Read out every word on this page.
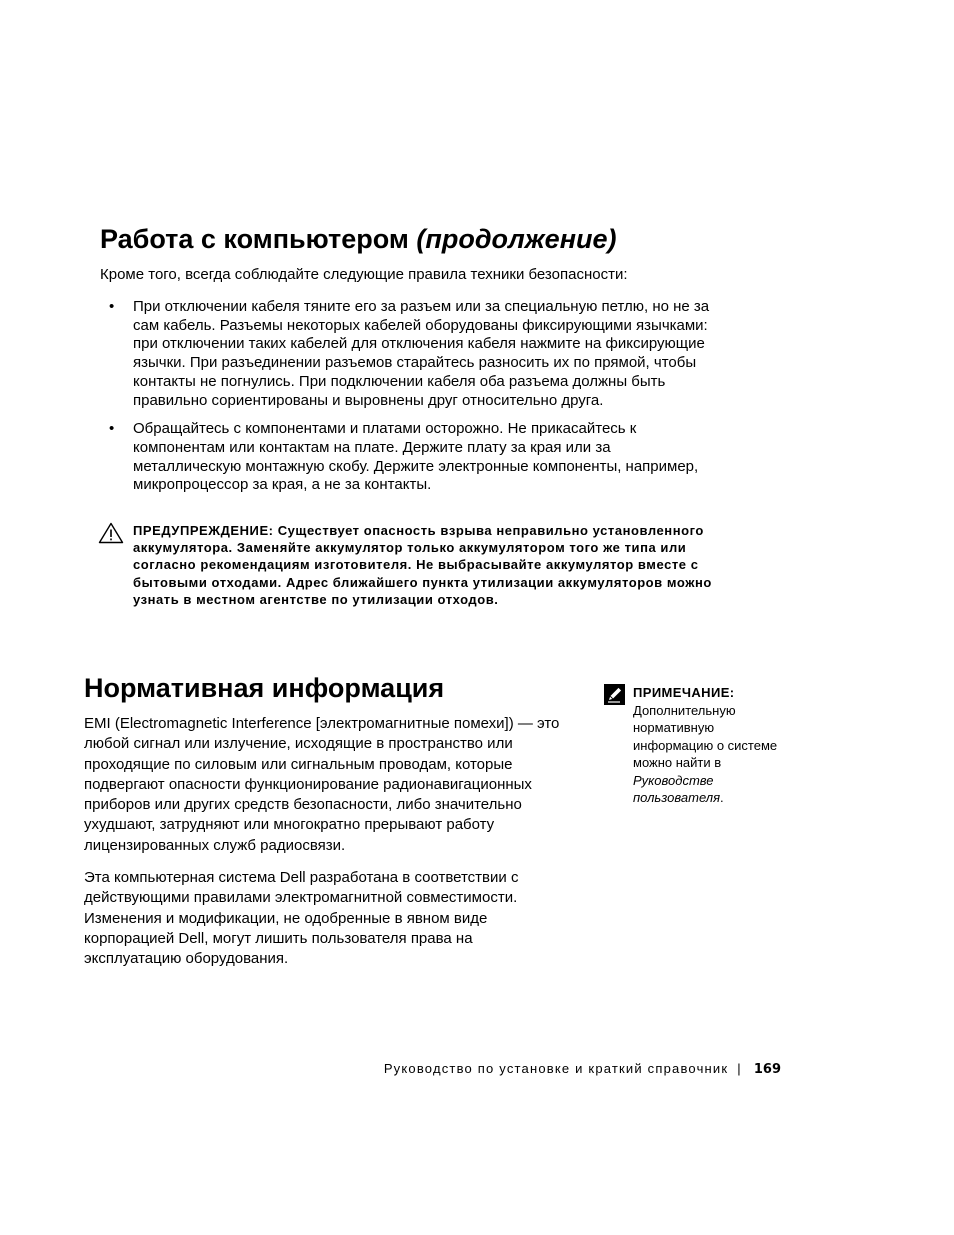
Работа с компьютером (продолжение)

Кроме того, всегда соблюдайте следующие правила техники безопасности:

• При отключении кабеля тяните его за разъем или за специальную петлю, но не за сам кабель. Разъемы некоторых кабелей оборудованы фиксирующими язычками: при отключении таких кабелей для отключения кабеля нажмите на фиксирующие язычки. При разъединении разъемов старайтесь разносить их по прямой, чтобы контакты не погнулись. При подключении кабеля оба разъема должны быть правильно сориентированы и выровнены друг относительно друга.
• Обращайтесь с компонентами и платами осторожно. Не прикасайтесь к компонентам или контактам на плате. Держите плату за края или за металлическую монтажную скобу. Держите электронные компоненты, например, микропроцессор за края, а не за контакты.

ПРЕДУПРЕЖДЕНИЕ: Существует опасность взрыва неправильно установленного аккумулятора. Заменяйте аккумулятор только аккумулятором того же типа или согласно рекомендациям изготовителя. Не выбрасывайте аккумулятор вместе с бытовыми отходами. Адрес ближайшего пункта утилизации аккумуляторов можно узнать в местном агентстве по утилизации отходов.

Нормативная информация

EMI (Electromagnetic Interference [электромагнитные помехи]) — это любой сигнал или излучение, исходящие в пространство или проходящие по силовым или сигнальным проводам, которые подвергают опасности функционирование радионавигационных приборов или других средств безопасности, либо значительно ухудшают, затрудняют или многократно прерывают работу лицензированных служб радиосвязи.

Эта компьютерная система Dell разработана в соответствии с действующими правилами электромагнитной совместимости. Изменения и модификации, не одобренные в явном виде корпорацией Dell, могут лишить пользователя права на эксплуатацию оборудования.

ПРИМЕЧАНИЕ:

Дополнительную нормативную информацию о системе можно найти в Руководстве пользователя.

Руководство по установке и краткий справочник | 169
